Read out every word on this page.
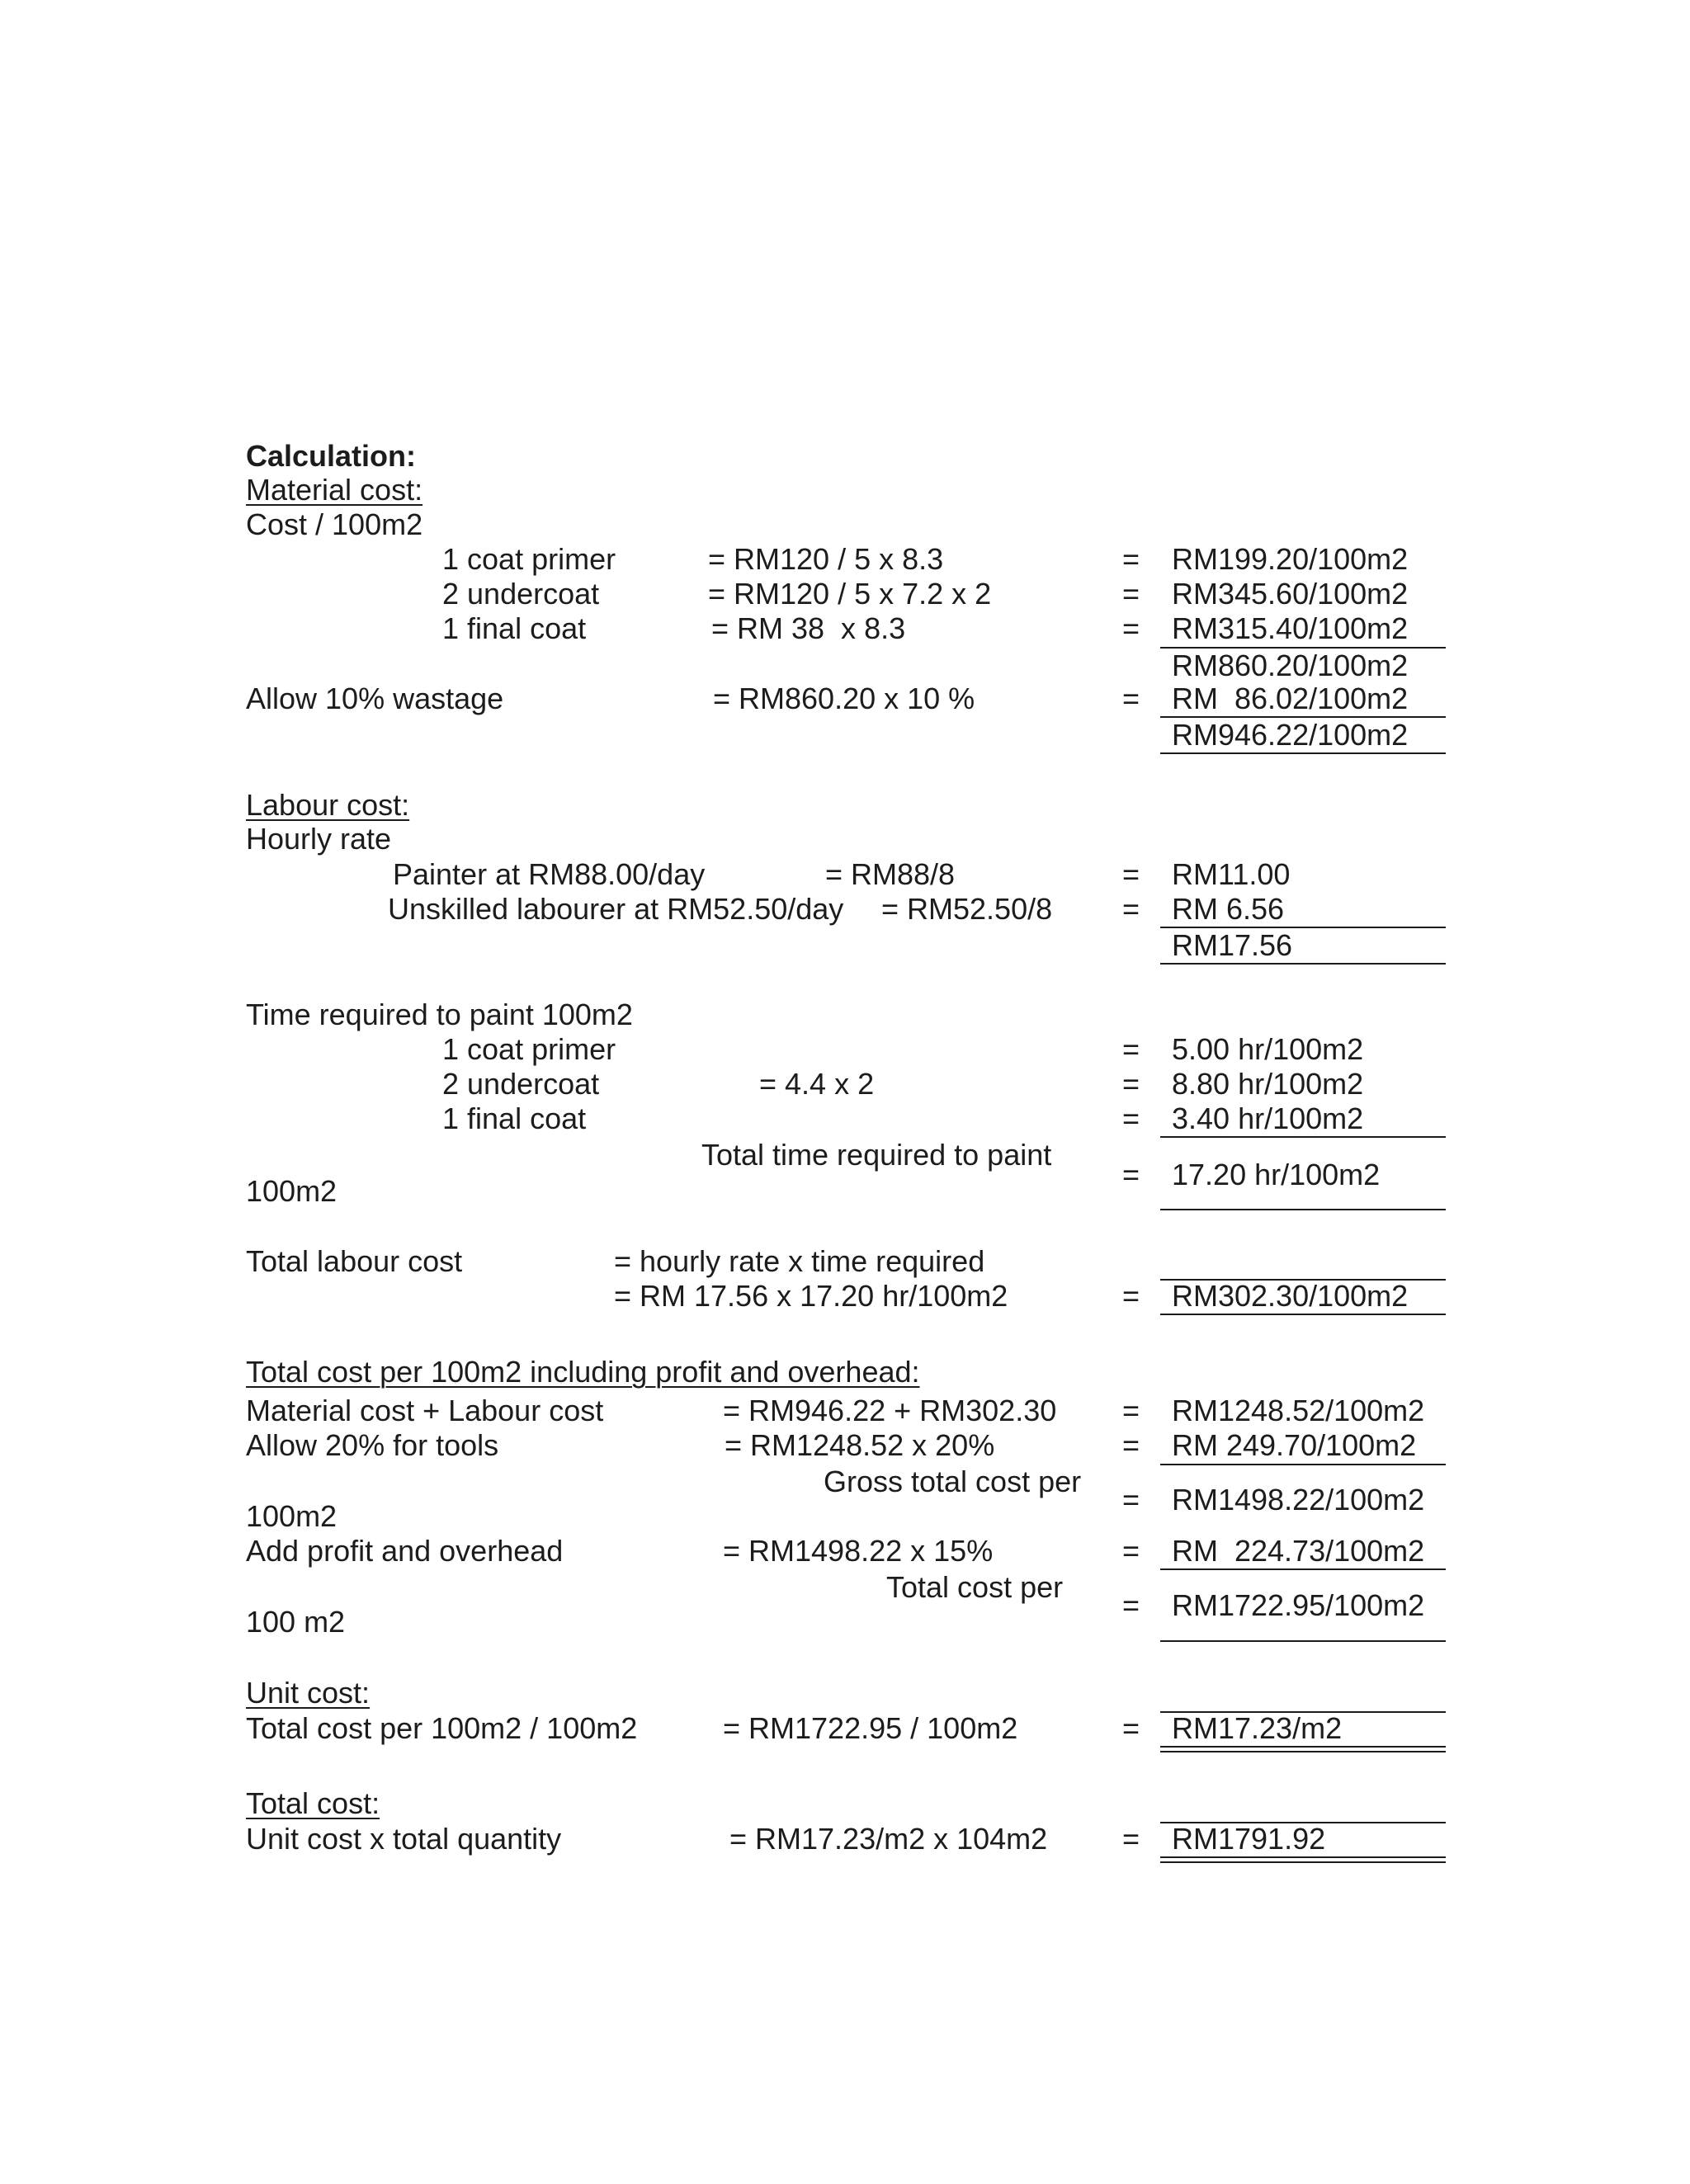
Calculation:
Material cost:
Cost / 100m2
1 coat primer	= RM120 / 5 x 8.3	= RM199.20/100m2
2 undercoat	= RM120 / 5 x 7.2 x 2	= RM345.60/100m2
1 final coat	= RM 38  x 8.3	= RM315.40/100m2
RM860.20/100m2
Allow 10% wastage	= RM860.20 x 10 %	= RM  86.02/100m2
RM946.22/100m2
Labour cost:
Hourly rate
Painter at RM88.00/day	= RM88/8	= RM11.00
Unskilled labourer at RM52.50/day = RM52.50/8 = RM 6.56
RM17.56
Time required to paint 100m2
1 coat primer	= 5.00 hr/100m2
2 undercoat	= 4.4 x 2	= 8.80 hr/100m2
1 final coat	= 3.40 hr/100m2
Total time required to paint
= 17.20 hr/100m2
100m2
Total labour cost	= hourly rate x time required
= RM 17.56 x 17.20 hr/100m2	= RM302.30/100m2
Total cost per 100m2 including profit and overhead:
Material cost + Labour cost	= RM946.22 + RM302.30 = RM1248.52/100m2
Allow 20% for tools	= RM1248.52 x 20%	= RM 249.70/100m2
Gross total cost per
= RM1498.22/100m2
100m2
Add profit and overhead	= RM1498.22 x 15%	= RM  224.73/100m2
Total cost per
= RM1722.95/100m2
100 m2
Unit cost:
Total cost per 100m2 / 100m2	= RM1722.95 / 100m2	= RM17.23/m2
Total cost:
Unit cost x total quantity	= RM17.23/m2 x 104m2	= RM1791.92
